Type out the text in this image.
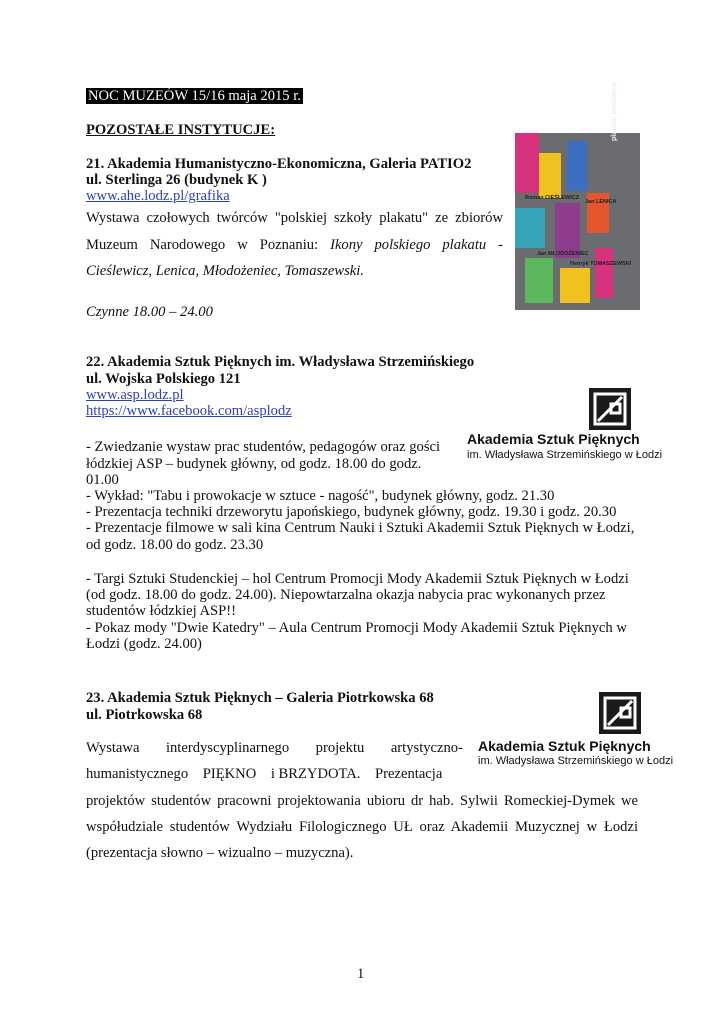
NOC MUZEÓW 15/16 maja 2015 r.
POZOSTAŁE INSTYTUCJE:
21. Akademia Humanistyczno-Ekonomiczna, Galeria PATIO2
ul. Sterlinga 26 (budynek K )
www.ahe.lodz.pl/grafika
Wystawa czołowych twórców "polskiej szkoły plakatu" ze zbiorów
Muzeum Narodowego w Poznaniu: Ikony polskiego plakatu -
Cieślewicz, Lenica, Młodożeniec, Tomaszewski.
Czynne 18.00 – 24.00
plakatu polskiego
Roman CIEŚLEWICZ
Jan LENICA
Jan MŁODOŻENIEC
Henryk TOMASZEWSKI
22. Akademia Sztuk Pięknych im. Władysława Strzemińskiego
ul. Wojska Polskiego 121
www.asp.lodz.pl
https://www.facebook.com/asplodz
- Zwiedzanie wystaw prac studentów, pedagogów oraz gości
łódzkiej ASP – budynek główny, od godz. 18.00 do godz.
01.00
- Wykład: "Tabu i prowokacje w sztuce - nagość", budynek główny, godz. 21.30
- Prezentacja techniki drzeworytu japońskiego, budynek główny, godz. 19.30 i godz. 20.30
- Prezentacje filmowe w sali kina Centrum Nauki i Sztuki Akademii Sztuk Pięknych w Łodzi,
od godz. 18.00 do godz. 23.30
- Targi Sztuki Studenckiej – hol Centrum Promocji Mody Akademii Sztuk Pięknych w Łodzi
(od godz. 18.00 do godz. 24.00). Niepowtarzalna okazja nabycia prac wykonanych przez
studentów łódzkiej ASP!!
- Pokaz mody "Dwie Katedry" – Aula Centrum Promocji Mody Akademii Sztuk Pięknych w
Łodzi (godz. 24.00)
Akademia Sztuk Pięknych
im. Władysława Strzemińskiego w Łodzi
23. Akademia Sztuk Pięknych – Galeria Piotrkowska 68
ul. Piotrkowska 68
Wystawa interdyscyplinarnego projektu artystyczno-
humanistycznego    PIĘKNO    i BRZYDOTA.    Prezentacja
projektów studentów pracowni projektowania ubioru dr hab. Sylwii Romeckiej-Dymek we
współudziale studentów Wydziału Filologicznego UŁ oraz Akademii Muzycznej w Łodzi
(prezentacja słowno – wizualno – muzyczna).
Akademia Sztuk Pięknych
im. Władysława Strzemińskiego w Łodzi
1
